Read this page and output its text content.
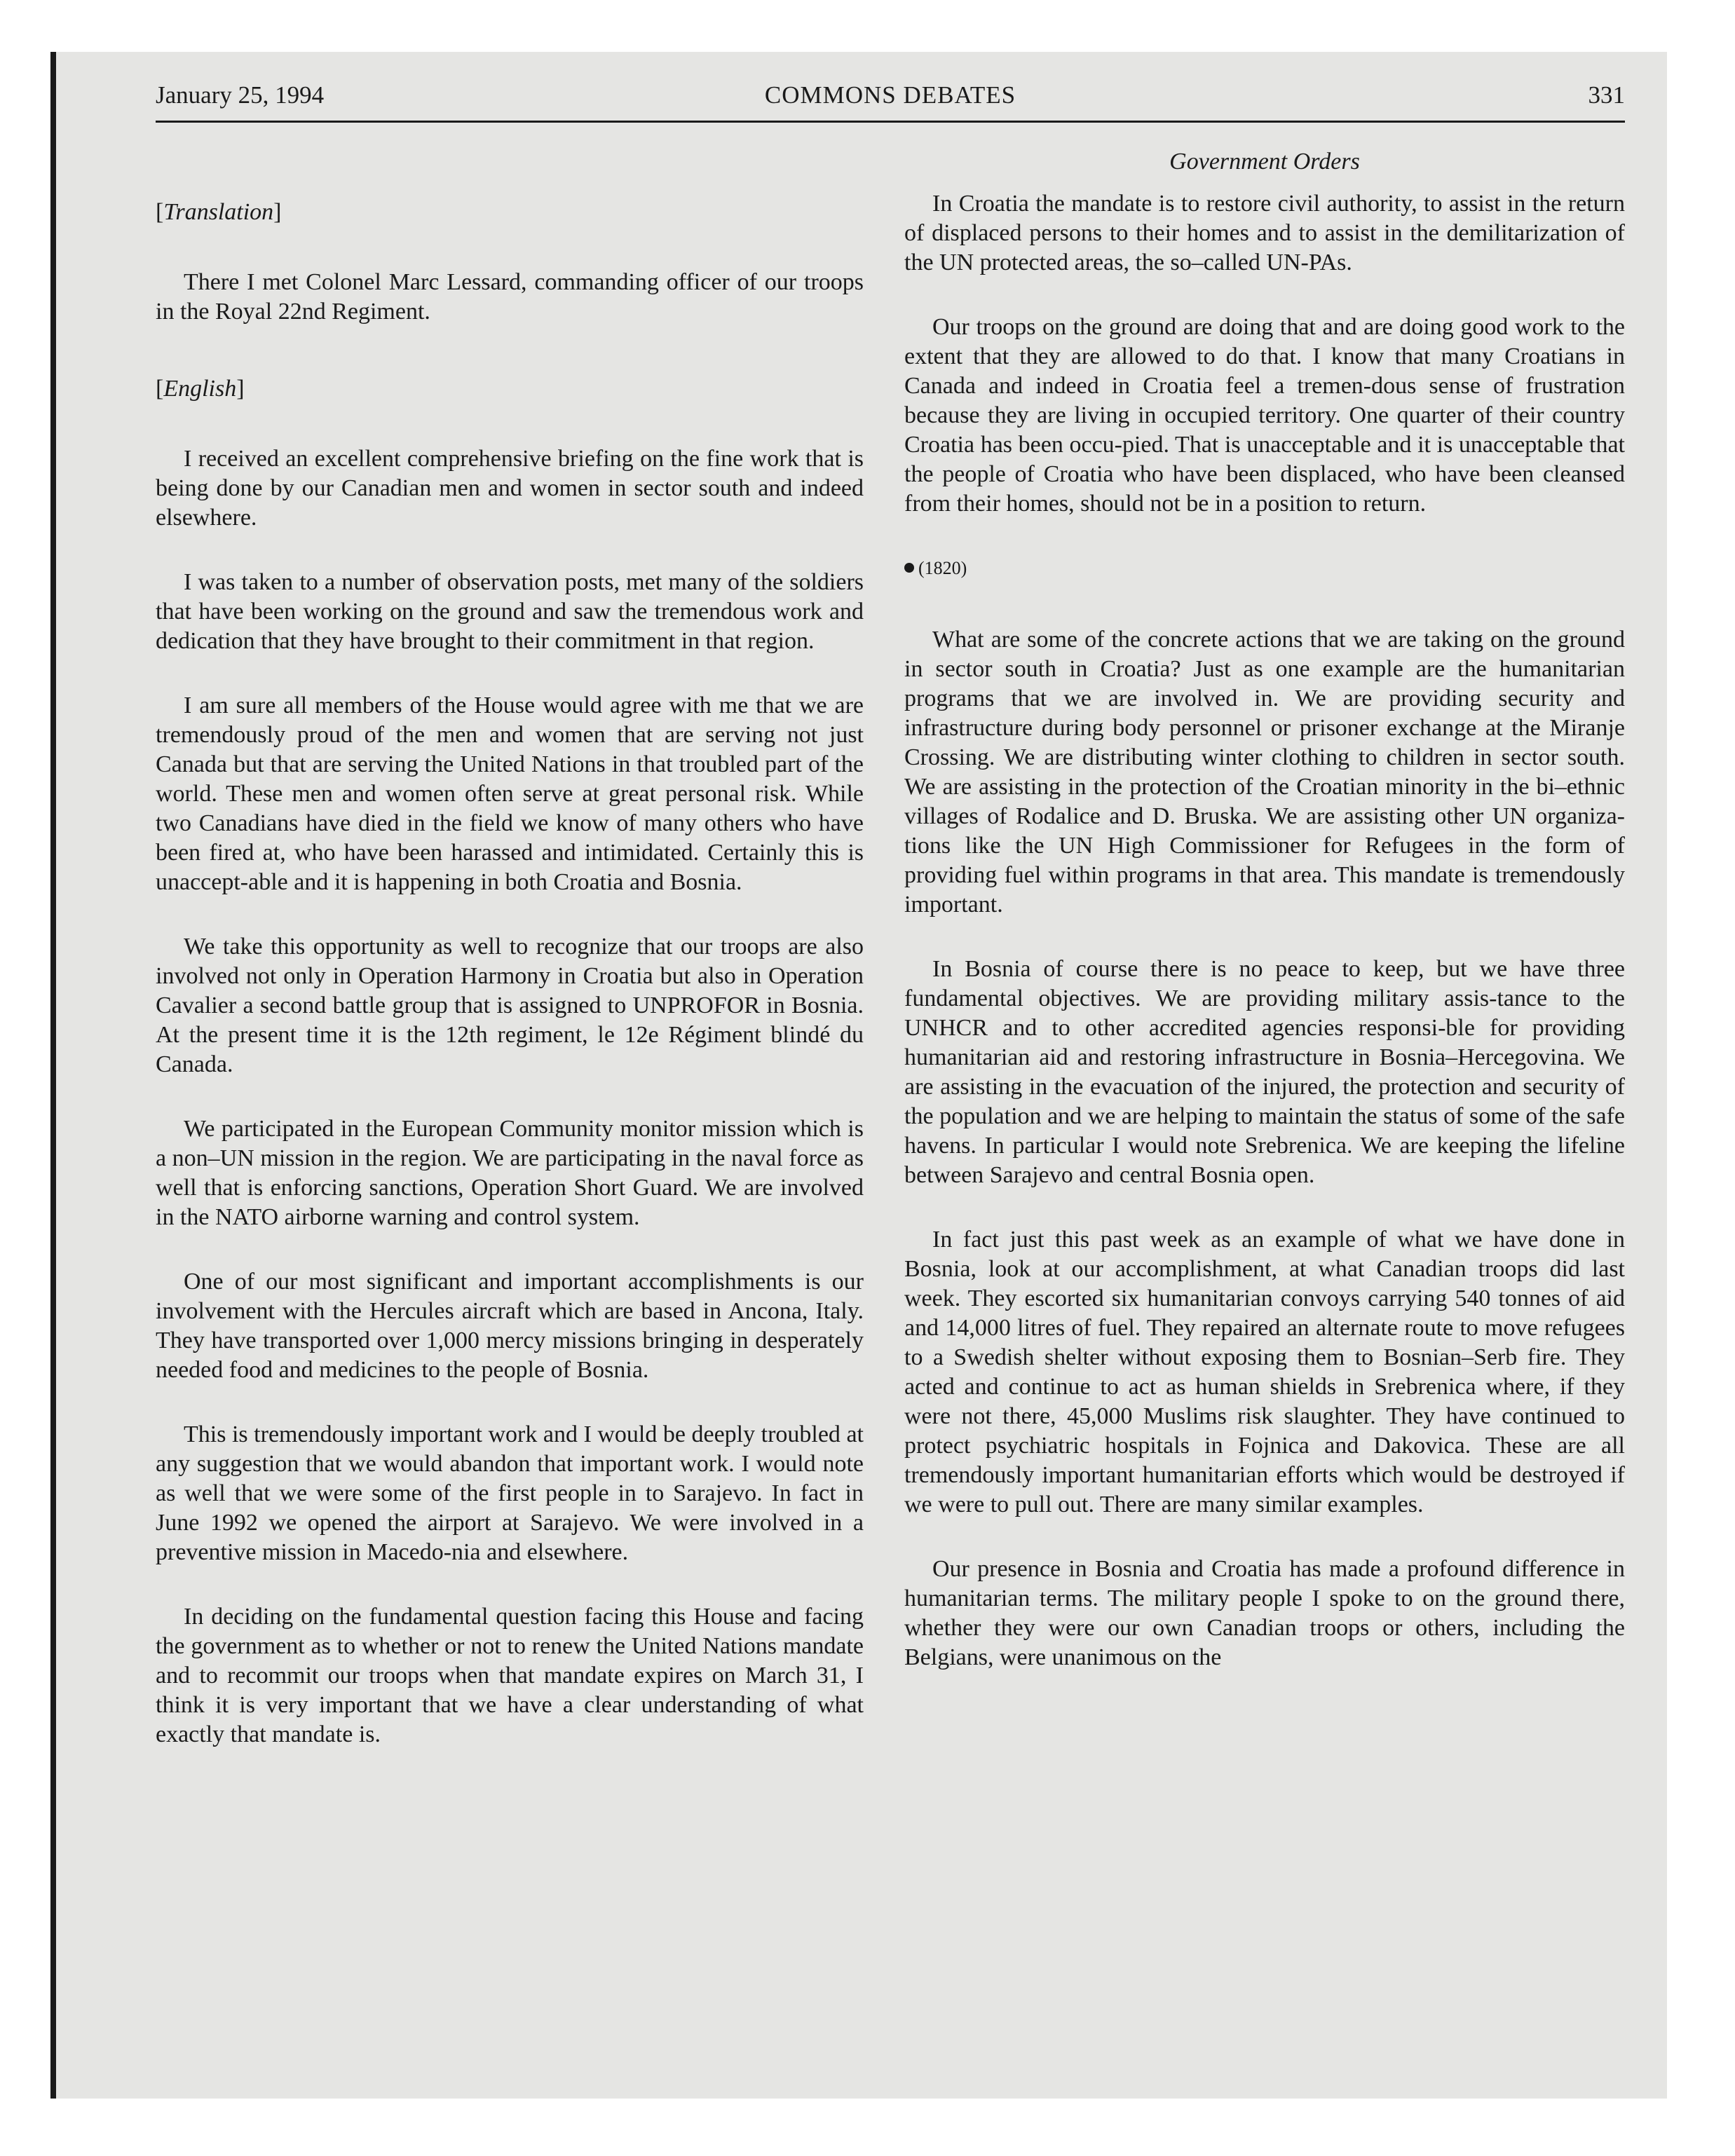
January 25, 1994	COMMONS DEBATES	331
[Translation]
There I met Colonel Marc Lessard, commanding officer of our troops in the Royal 22nd Regiment.
[English]
I received an excellent comprehensive briefing on the fine work that is being done by our Canadian men and women in sector south and indeed elsewhere.
I was taken to a number of observation posts, met many of the soldiers that have been working on the ground and saw the tremendous work and dedication that they have brought to their commitment in that region.
I am sure all members of the House would agree with me that we are tremendously proud of the men and women that are serving not just Canada but that are serving the United Nations in that troubled part of the world. These men and women often serve at great personal risk. While two Canadians have died in the field we know of many others who have been fired at, who have been harassed and intimidated. Certainly this is unaccept-able and it is happening in both Croatia and Bosnia.
We take this opportunity as well to recognize that our troops are also involved not only in Operation Harmony in Croatia but also in Operation Cavalier a second battle group that is assigned to UNPROFOR in Bosnia. At the present time it is the 12th regiment, le 12e Régiment blindé du Canada.
We participated in the European Community monitor mission which is a non–UN mission in the region. We are participating in the naval force as well that is enforcing sanctions, Operation Short Guard. We are involved in the NATO airborne warning and control system.
One of our most significant and important accomplishments is our involvement with the Hercules aircraft which are based in Ancona, Italy. They have transported over 1,000 mercy missions bringing in desperately needed food and medicines to the people of Bosnia.
This is tremendously important work and I would be deeply troubled at any suggestion that we would abandon that important work. I would note as well that we were some of the first people in to Sarajevo. In fact in June 1992 we opened the airport at Sarajevo. We were involved in a preventive mission in Macedo-nia and elsewhere.
In deciding on the fundamental question facing this House and facing the government as to whether or not to renew the United Nations mandate and to recommit our troops when that mandate expires on March 31, I think it is very important that we have a clear understanding of what exactly that mandate is.
Government Orders
In Croatia the mandate is to restore civil authority, to assist in the return of displaced persons to their homes and to assist in the demilitarization of the UN protected areas, the so–called UN-PAs.
Our troops on the ground are doing that and are doing good work to the extent that they are allowed to do that. I know that many Croatians in Canada and indeed in Croatia feel a tremen-dous sense of frustration because they are living in occupied territory. One quarter of their country Croatia has been occu-pied. That is unacceptable and it is unacceptable that the people of Croatia who have been displaced, who have been cleansed from their homes, should not be in a position to return.
(1820)
What are some of the concrete actions that we are taking on the ground in sector south in Croatia? Just as one example are the humanitarian programs that we are involved in. We are providing security and infrastructure during body personnel or prisoner exchange at the Miranje Crossing. We are distributing winter clothing to children in sector south. We are assisting in the protection of the Croatian minority in the bi–ethnic villages of Rodalice and D. Bruska. We are assisting other UN organiza-tions like the UN High Commissioner for Refugees in the form of providing fuel within programs in that area. This mandate is tremendously important.
In Bosnia of course there is no peace to keep, but we have three fundamental objectives. We are providing military assis-tance to the UNHCR and to other accredited agencies responsi-ble for providing humanitarian aid and restoring infrastructure in Bosnia–Hercegovina. We are assisting in the evacuation of the injured, the protection and security of the population and we are helping to maintain the status of some of the safe havens. In particular I would note Srebrenica. We are keeping the lifeline between Sarajevo and central Bosnia open.
In fact just this past week as an example of what we have done in Bosnia, look at our accomplishment, at what Canadian troops did last week. They escorted six humanitarian convoys carrying 540 tonnes of aid and 14,000 litres of fuel. They repaired an alternate route to move refugees to a Swedish shelter without exposing them to Bosnian–Serb fire. They acted and continue to act as human shields in Srebrenica where, if they were not there, 45,000 Muslims risk slaughter. They have continued to protect psychiatric hospitals in Fojnica and Dakovica. These are all tremendously important humanitarian efforts which would be destroyed if we were to pull out. There are many similar examples.
Our presence in Bosnia and Croatia has made a profound difference in humanitarian terms. The military people I spoke to on the ground there, whether they were our own Canadian troops or others, including the Belgians, were unanimous on the
